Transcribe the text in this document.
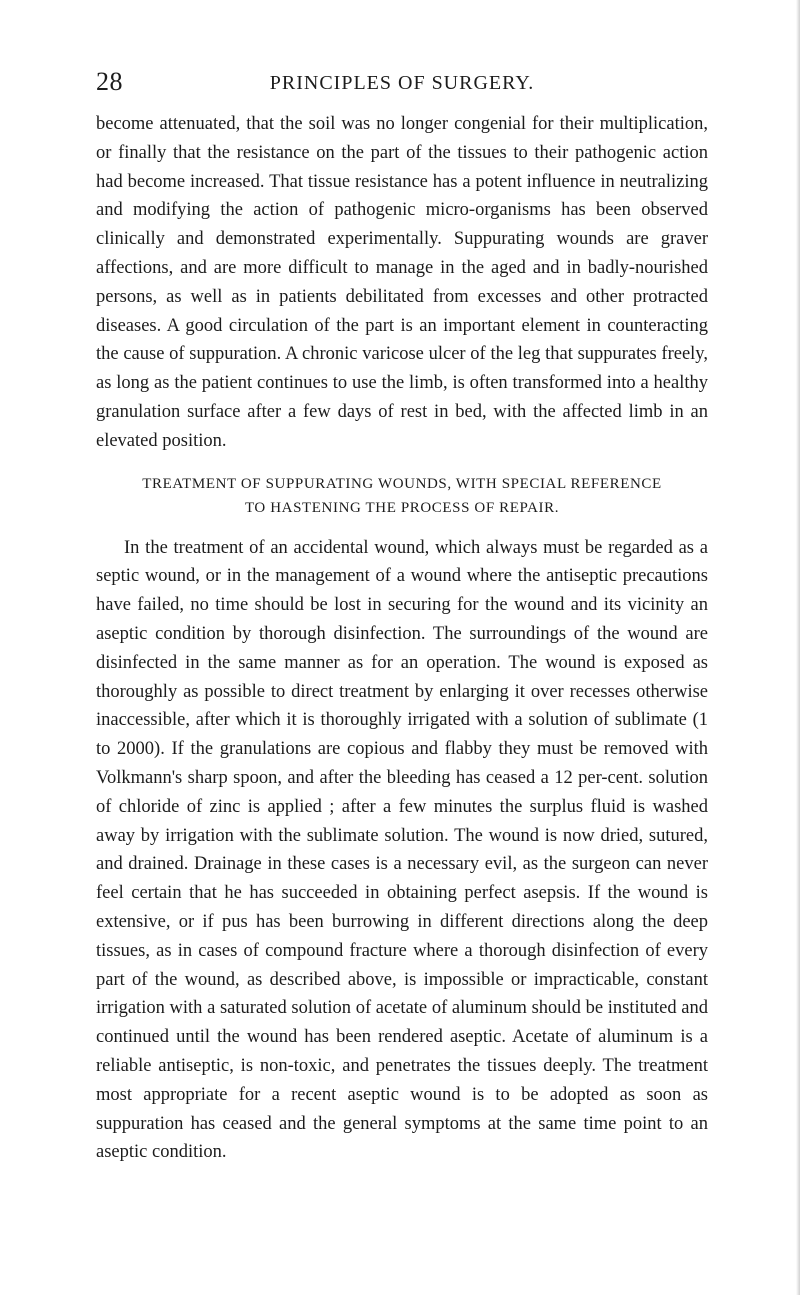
28	PRINCIPLES OF SURGERY.

become attenuated, that the soil was no longer congenial for their multiplication, or finally that the resistance on the part of the tissues to their pathogenic action had become increased. That tissue resistance has a potent influence in neutralizing and modifying the action of pathogenic micro-organisms has been observed clinically and demonstrated experimentally. Suppurating wounds are graver affections, and are more difficult to manage in the aged and in badly-nourished persons, as well as in patients debilitated from excesses and other protracted diseases. A good circulation of the part is an important element in counteracting the cause of suppuration. A chronic varicose ulcer of the leg that suppurates freely, as long as the patient continues to use the limb, is often transformed into a healthy granulation surface after a few days of rest in bed, with the affected limb in an elevated position.

TREATMENT OF SUPPURATING WOUNDS, WITH SPECIAL REFERENCE
TO HASTENING THE PROCESS OF REPAIR.

In the treatment of an accidental wound, which always must be regarded as a septic wound, or in the management of a wound where the antiseptic precautions have failed, no time should be lost in securing for the wound and its vicinity an aseptic condition by thorough disinfection. The surroundings of the wound are disinfected in the same manner as for an operation. The wound is exposed as thoroughly as possible to direct treatment by enlarging it over recesses otherwise inaccessible, after which it is thoroughly irrigated with a solution of sublimate (1 to 2000). If the granulations are copious and flabby they must be removed with Volkmann's sharp spoon, and after the bleeding has ceased a 12 per-cent. solution of chloride of zinc is applied ; after a few minutes the surplus fluid is washed away by irrigation with the sublimate solution. The wound is now dried, sutured, and drained. Drainage in these cases is a necessary evil, as the surgeon can never feel certain that he has succeeded in obtaining perfect asepsis. If the wound is extensive, or if pus has been burrowing in different directions along the deep tissues, as in cases of compound fracture where a thorough disinfection of every part of the wound, as described above, is impossible or impracticable, constant irrigation with a saturated solution of acetate of aluminum should be instituted and continued until the wound has been rendered aseptic. Acetate of aluminum is a reliable antiseptic, is non-toxic, and penetrates the tissues deeply. The treatment most appropriate for a recent aseptic wound is to be adopted as soon as suppuration has ceased and the general symptoms at the same time point to an aseptic condition.
